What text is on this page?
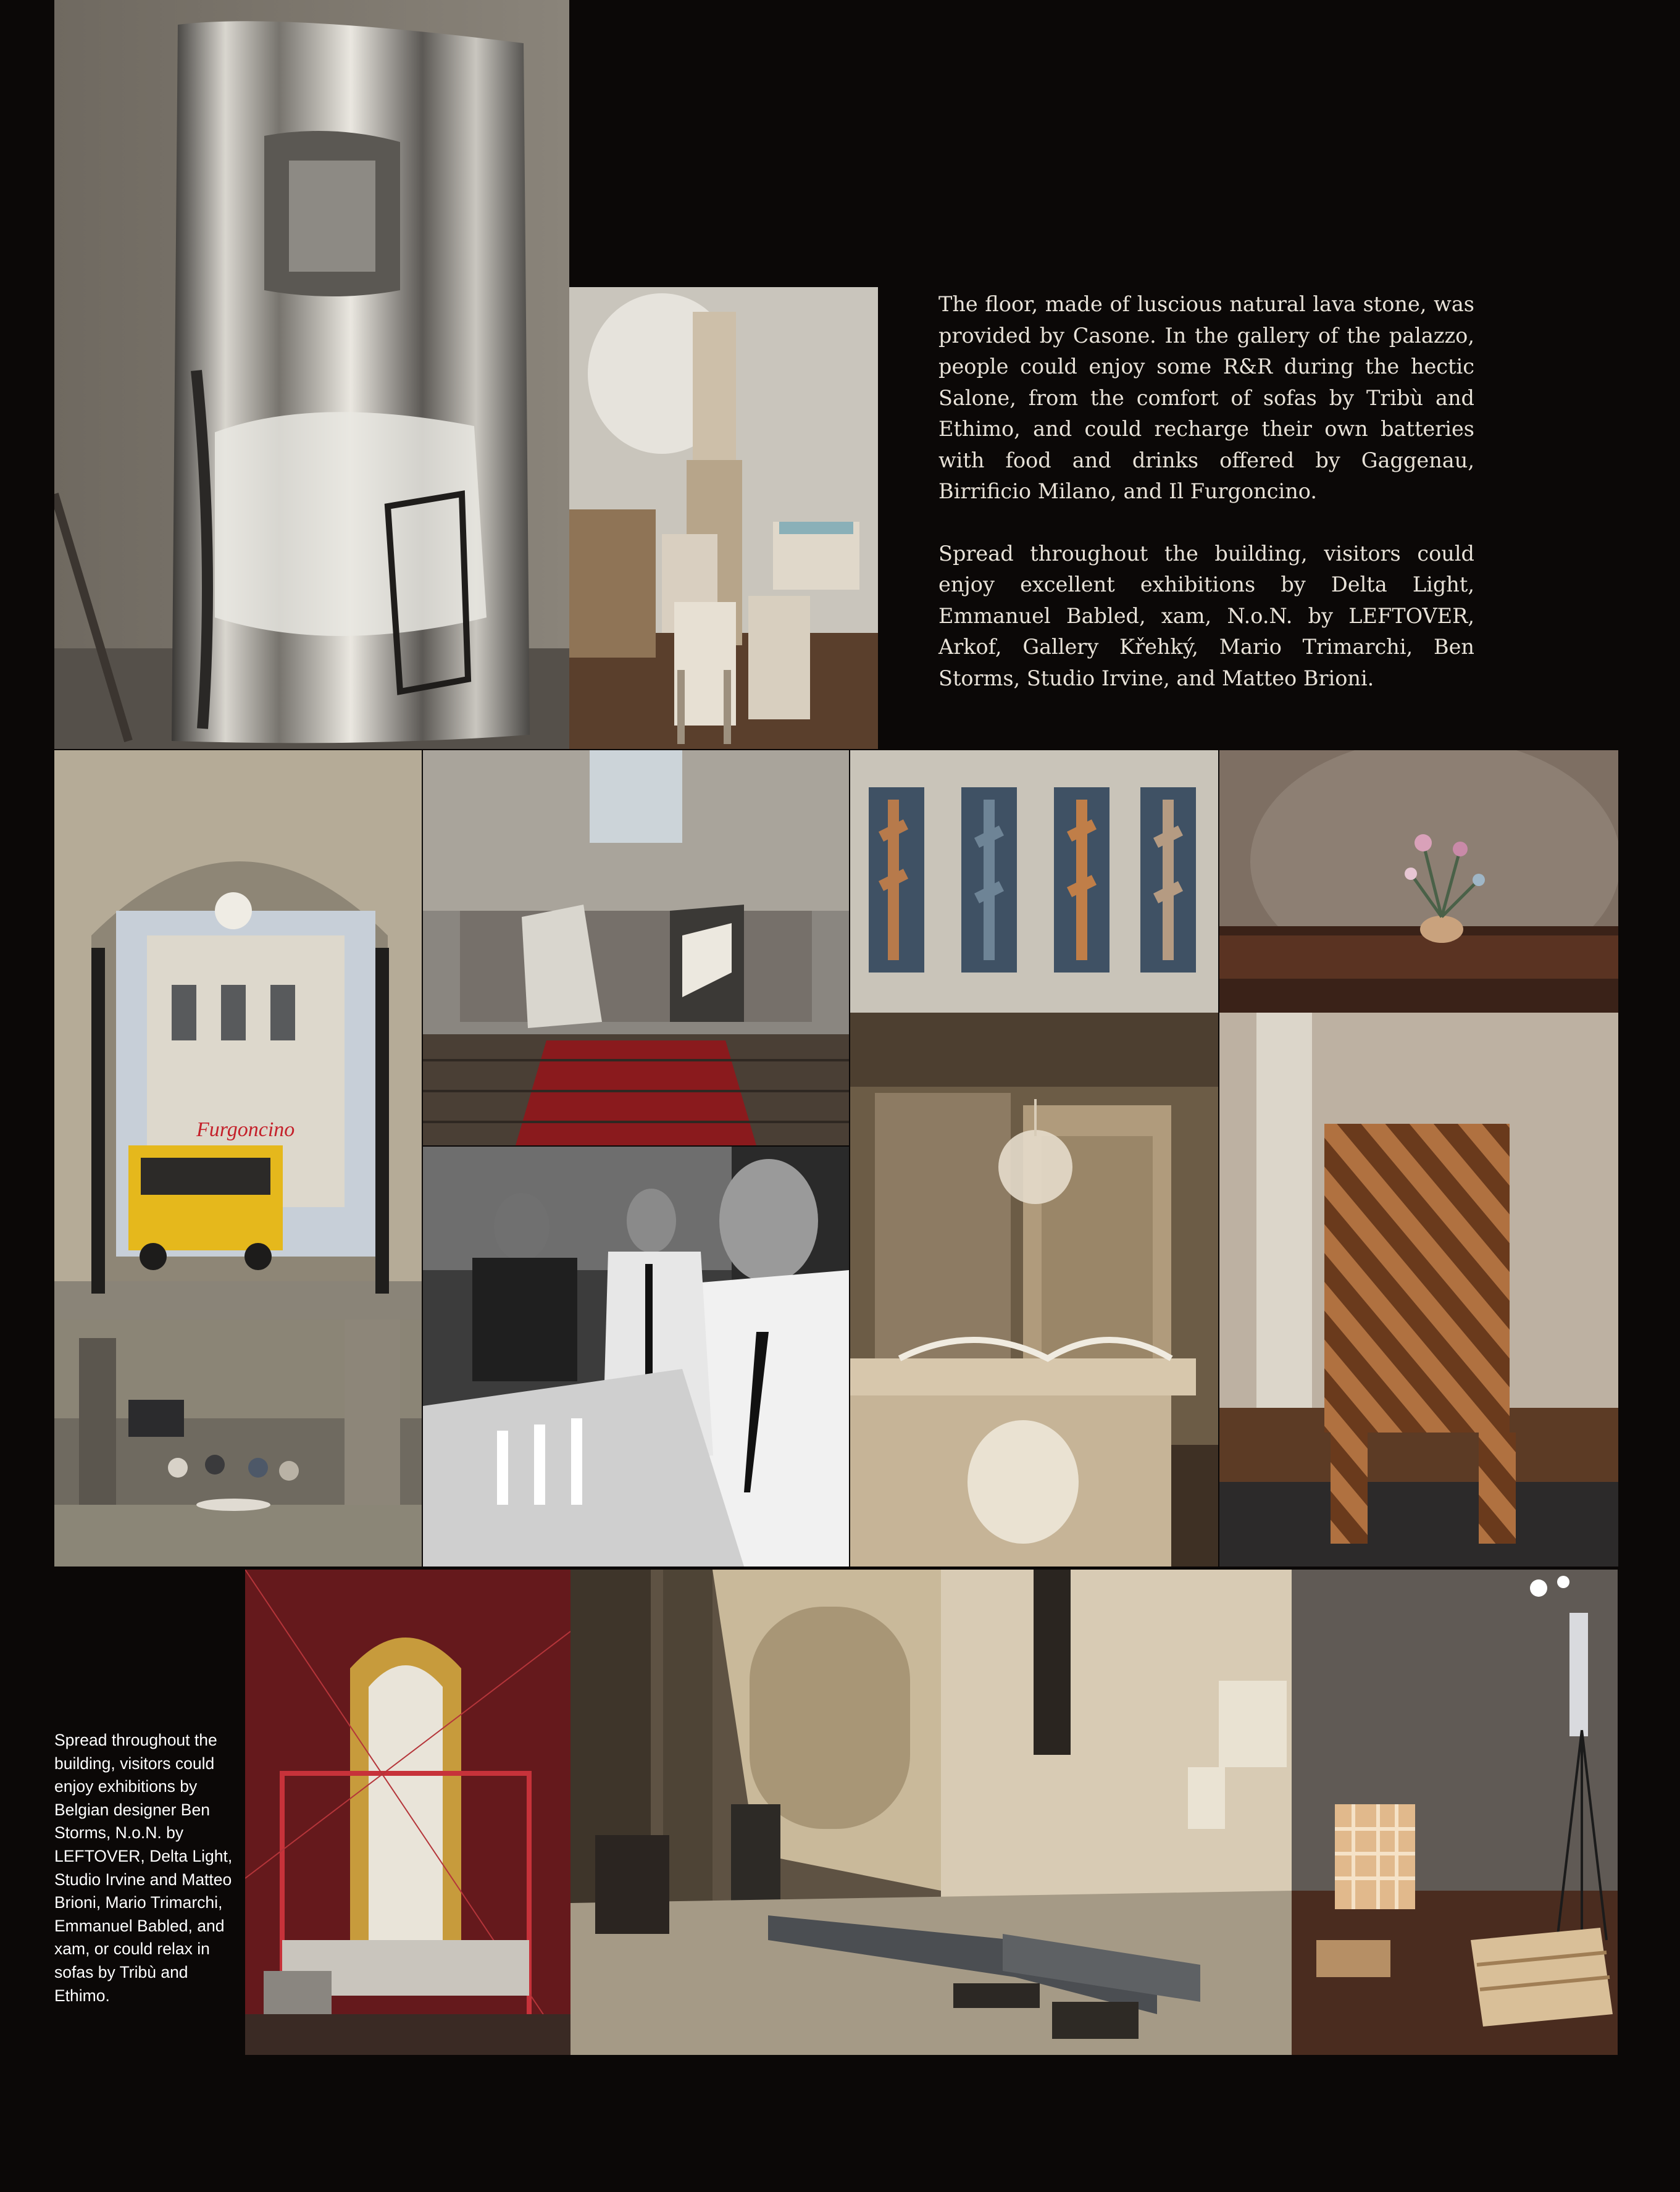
The floor, made of luscious natural lava stone, was provided by Casone. In the gallery of the palazzo, people could enjoy some R&R during the hectic Salone, from the comfort of sofas by Tribù and Ethimo, and could recharge their own batteries with food and drinks offered by Gaggenau, Birrificio Milano, and Il Furgoncino.

Spread throughout the building, visitors could enjoy excellent exhibitions by Delta Light, Emmanuel Babled, xam, N.o.N. by LEFTOVER, Arkof, Gallery Křehký, Mario Trimarchi, Ben Storms, Studio Irvine, and Matteo Brioni.

Furgoncino
Spread throughout the building, visitors could enjoy exhibitions by Belgian designer Ben Storms, N.o.N. by LEFTOVER, Delta Light, Studio Irvine and Matteo Brioni, Mario Trimarchi, Emmanuel Babled, and xam, or could relax in sofas by Tribù and Ethimo.
